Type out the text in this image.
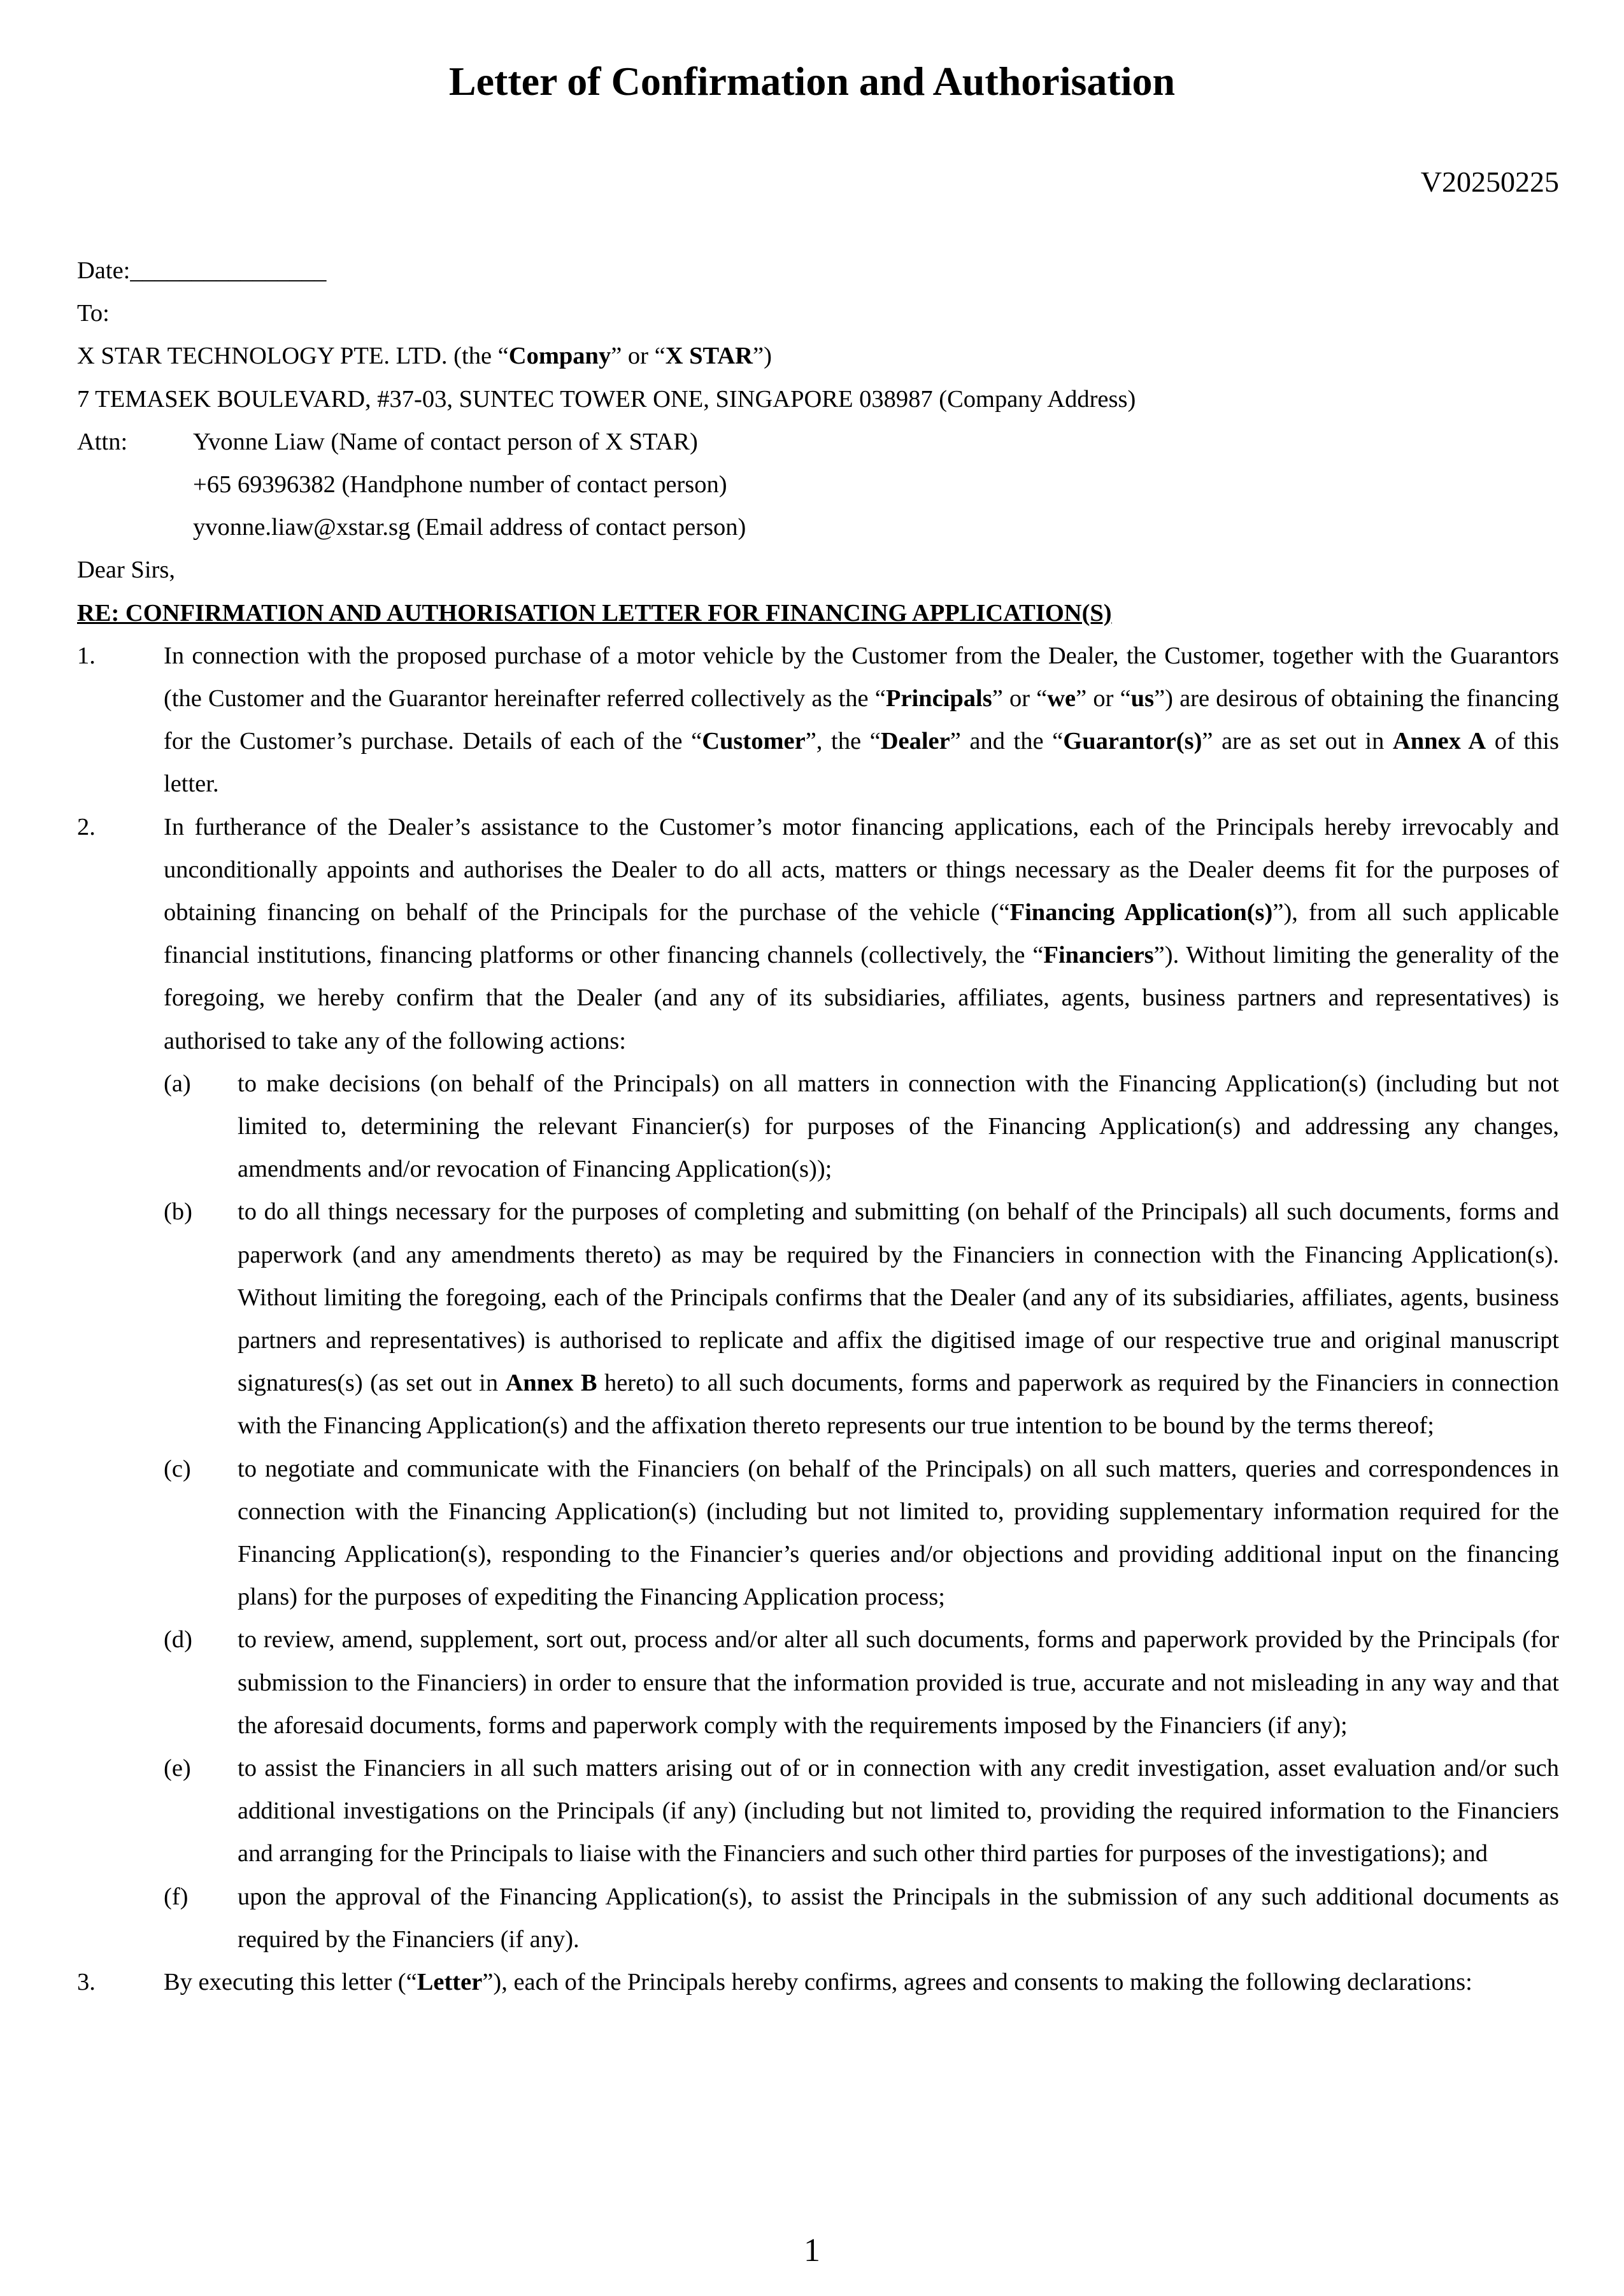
Letter of Confirmation and Authorisation
V20250225
Date:________________
To:
X STAR TECHNOLOGY PTE. LTD. (the “Company” or “X STAR”)
7 TEMASEK BOULEVARD, #37-03, SUNTEC TOWER ONE, SINGAPORE 038987 (Company Address)
Attn:	Yvonne Liaw (Name of contact person of X STAR)
+65 69396382 (Handphone number of contact person)
yvonne.liaw@xstar.sg (Email address of contact person)
Dear Sirs,
RE: CONFIRMATION AND AUTHORISATION LETTER FOR FINANCING APPLICATION(S)
1.	In connection with the proposed purchase of a motor vehicle by the Customer from the Dealer, the Customer, together with the Guarantors (the Customer and the Guarantor hereinafter referred collectively as the “Principals” or “we” or “us”) are desirous of obtaining the financing for the Customer’s purchase. Details of each of the “Customer”, the “Dealer” and the “Guarantor(s)” are as set out in Annex A of this letter.
2.	In furtherance of the Dealer’s assistance to the Customer’s motor financing applications, each of the Principals hereby irrevocably and unconditionally appoints and authorises the Dealer to do all acts, matters or things necessary as the Dealer deems fit for the purposes of obtaining financing on behalf of the Principals for the purchase of the vehicle (“Financing Application(s)”), from all such applicable financial institutions, financing platforms or other financing channels (collectively, the “Financiers”). Without limiting the generality of the foregoing, we hereby confirm that the Dealer (and any of its subsidiaries, affiliates, agents, business partners and representatives) is authorised to take any of the following actions:
(a)	to make decisions (on behalf of the Principals) on all matters in connection with the Financing Application(s) (including but not limited to, determining the relevant Financier(s) for purposes of the Financing Application(s) and addressing any changes, amendments and/or revocation of Financing Application(s));
(b)	to do all things necessary for the purposes of completing and submitting (on behalf of the Principals) all such documents, forms and paperwork (and any amendments thereto) as may be required by the Financiers in connection with the Financing Application(s). Without limiting the foregoing, each of the Principals confirms that the Dealer (and any of its subsidiaries, affiliates, agents, business partners and representatives) is authorised to replicate and affix the digitised image of our respective true and original manuscript signatures(s) (as set out in Annex B hereto) to all such documents, forms and paperwork as required by the Financiers in connection with the Financing Application(s) and the affixation thereto represents our true intention to be bound by the terms thereof;
(c)	to negotiate and communicate with the Financiers (on behalf of the Principals) on all such matters, queries and correspondences in connection with the Financing Application(s) (including but not limited to, providing supplementary information required for the Financing Application(s), responding to the Financier’s queries and/or objections and providing additional input on the financing plans) for the purposes of expediting the Financing Application process;
(d)	to review, amend, supplement, sort out, process and/or alter all such documents, forms and paperwork provided by the Principals (for submission to the Financiers) in order to ensure that the information provided is true, accurate and not misleading in any way and that the aforesaid documents, forms and paperwork comply with the requirements imposed by the Financiers (if any);
(e)	to assist the Financiers in all such matters arising out of or in connection with any credit investigation, asset evaluation and/or such additional investigations on the Principals (if any) (including but not limited to, providing the required information to the Financiers and arranging for the Principals to liaise with the Financiers and such other third parties for purposes of the investigations); and
(f)	upon the approval of the Financing Application(s), to assist the Principals in the submission of any such additional documents as required by the Financiers (if any).
3.	By executing this letter (“Letter”), each of the Principals hereby confirms, agrees and consents to making the following declarations:
1
